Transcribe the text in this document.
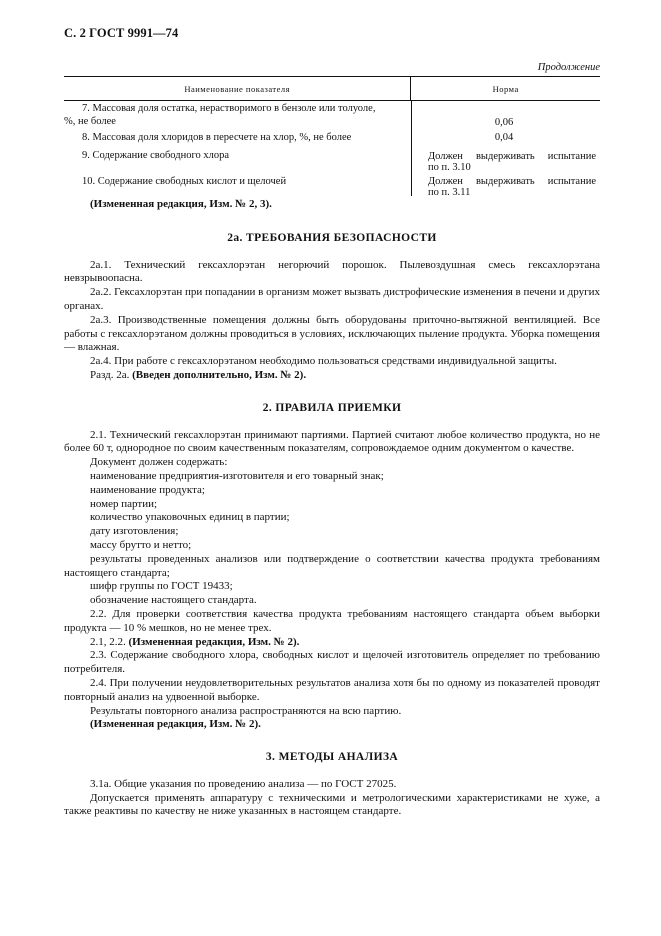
С. 2 ГОСТ 9991—74
Продолжение
Наименование показателя	Норма
7. Массовая доля остатка, нерастворимого в бензоле или толуоле,
%, не более	0,06
8. Массовая доля хлоридов в пересчете на хлор, %, не более	0,04
9. Содержание свободного хлора	Должен выдерживать испытание
по п. 3.10
10. Содержание свободных кислот и щелочей	Должен выдерживать испытание
по п. 3.11

(Измененная редакция, Изм. № 2, 3).

2а. ТРЕБОВАНИЯ БЕЗОПАСНОСТИ

2а.1. Технический гексахлорэтан негорючий порошок. Пылевоздушная смесь гексахлорэтана невзрывоопасна.

2а.2. Гексахлорэтан при попадании в организм может вызвать дистрофические изменения в печени и других органах.

2а.3. Производственные помещения должны быть оборудованы приточно-вытяжной вентиляцией. Все работы с гексахлорэтаном должны проводиться в условиях, исключающих пыление продукта. Уборка помещения — влажная.

2а.4. При работе с гексахлорэтаном необходимо пользоваться средствами индивидуальной защиты.

Разд. 2а. (Введен дополнительно, Изм. № 2).

2. ПРАВИЛА ПРИЕМКИ

2.1. Технический гексахлорэтан принимают партиями. Партией считают любое количество продукта, но не более 60 т, однородное по своим качественным показателям, сопровождаемое одним документом о качестве.

Документ должен содержать:

наименование предприятия-изготовителя и его товарный знак;

наименование продукта;

номер партии;

количество упаковочных единиц в партии;

дату изготовления;

массу брутто и нетто;

результаты проведенных анализов или подтверждение о соответствии качества продукта требованиям настоящего стандарта;

шифр группы по ГОСТ 19433;

обозначение настоящего стандарта.

2.2. Для проверки соответствия качества продукта требованиям настоящего стандарта объем выборки продукта — 10 % мешков, но не менее трех.

2.1, 2.2. (Измененная редакция, Изм. № 2).

2.3. Содержание свободного хлора, свободных кислот и щелочей изготовитель определяет по требованию потребителя.

2.4. При получении неудовлетворительных результатов анализа хотя бы по одному из показателей проводят повторный анализ на удвоенной выборке.

Результаты повторного анализа распространяются на всю партию.

(Измененная редакция, Изм. № 2).

3. МЕТОДЫ АНАЛИЗА

3.1а. Общие указания по проведению анализа — по ГОСТ 27025.

Допускается применять аппаратуру с техническими и метрологическими характеристиками не хуже, а также реактивы по качеству не ниже указанных в настоящем стандарте.
